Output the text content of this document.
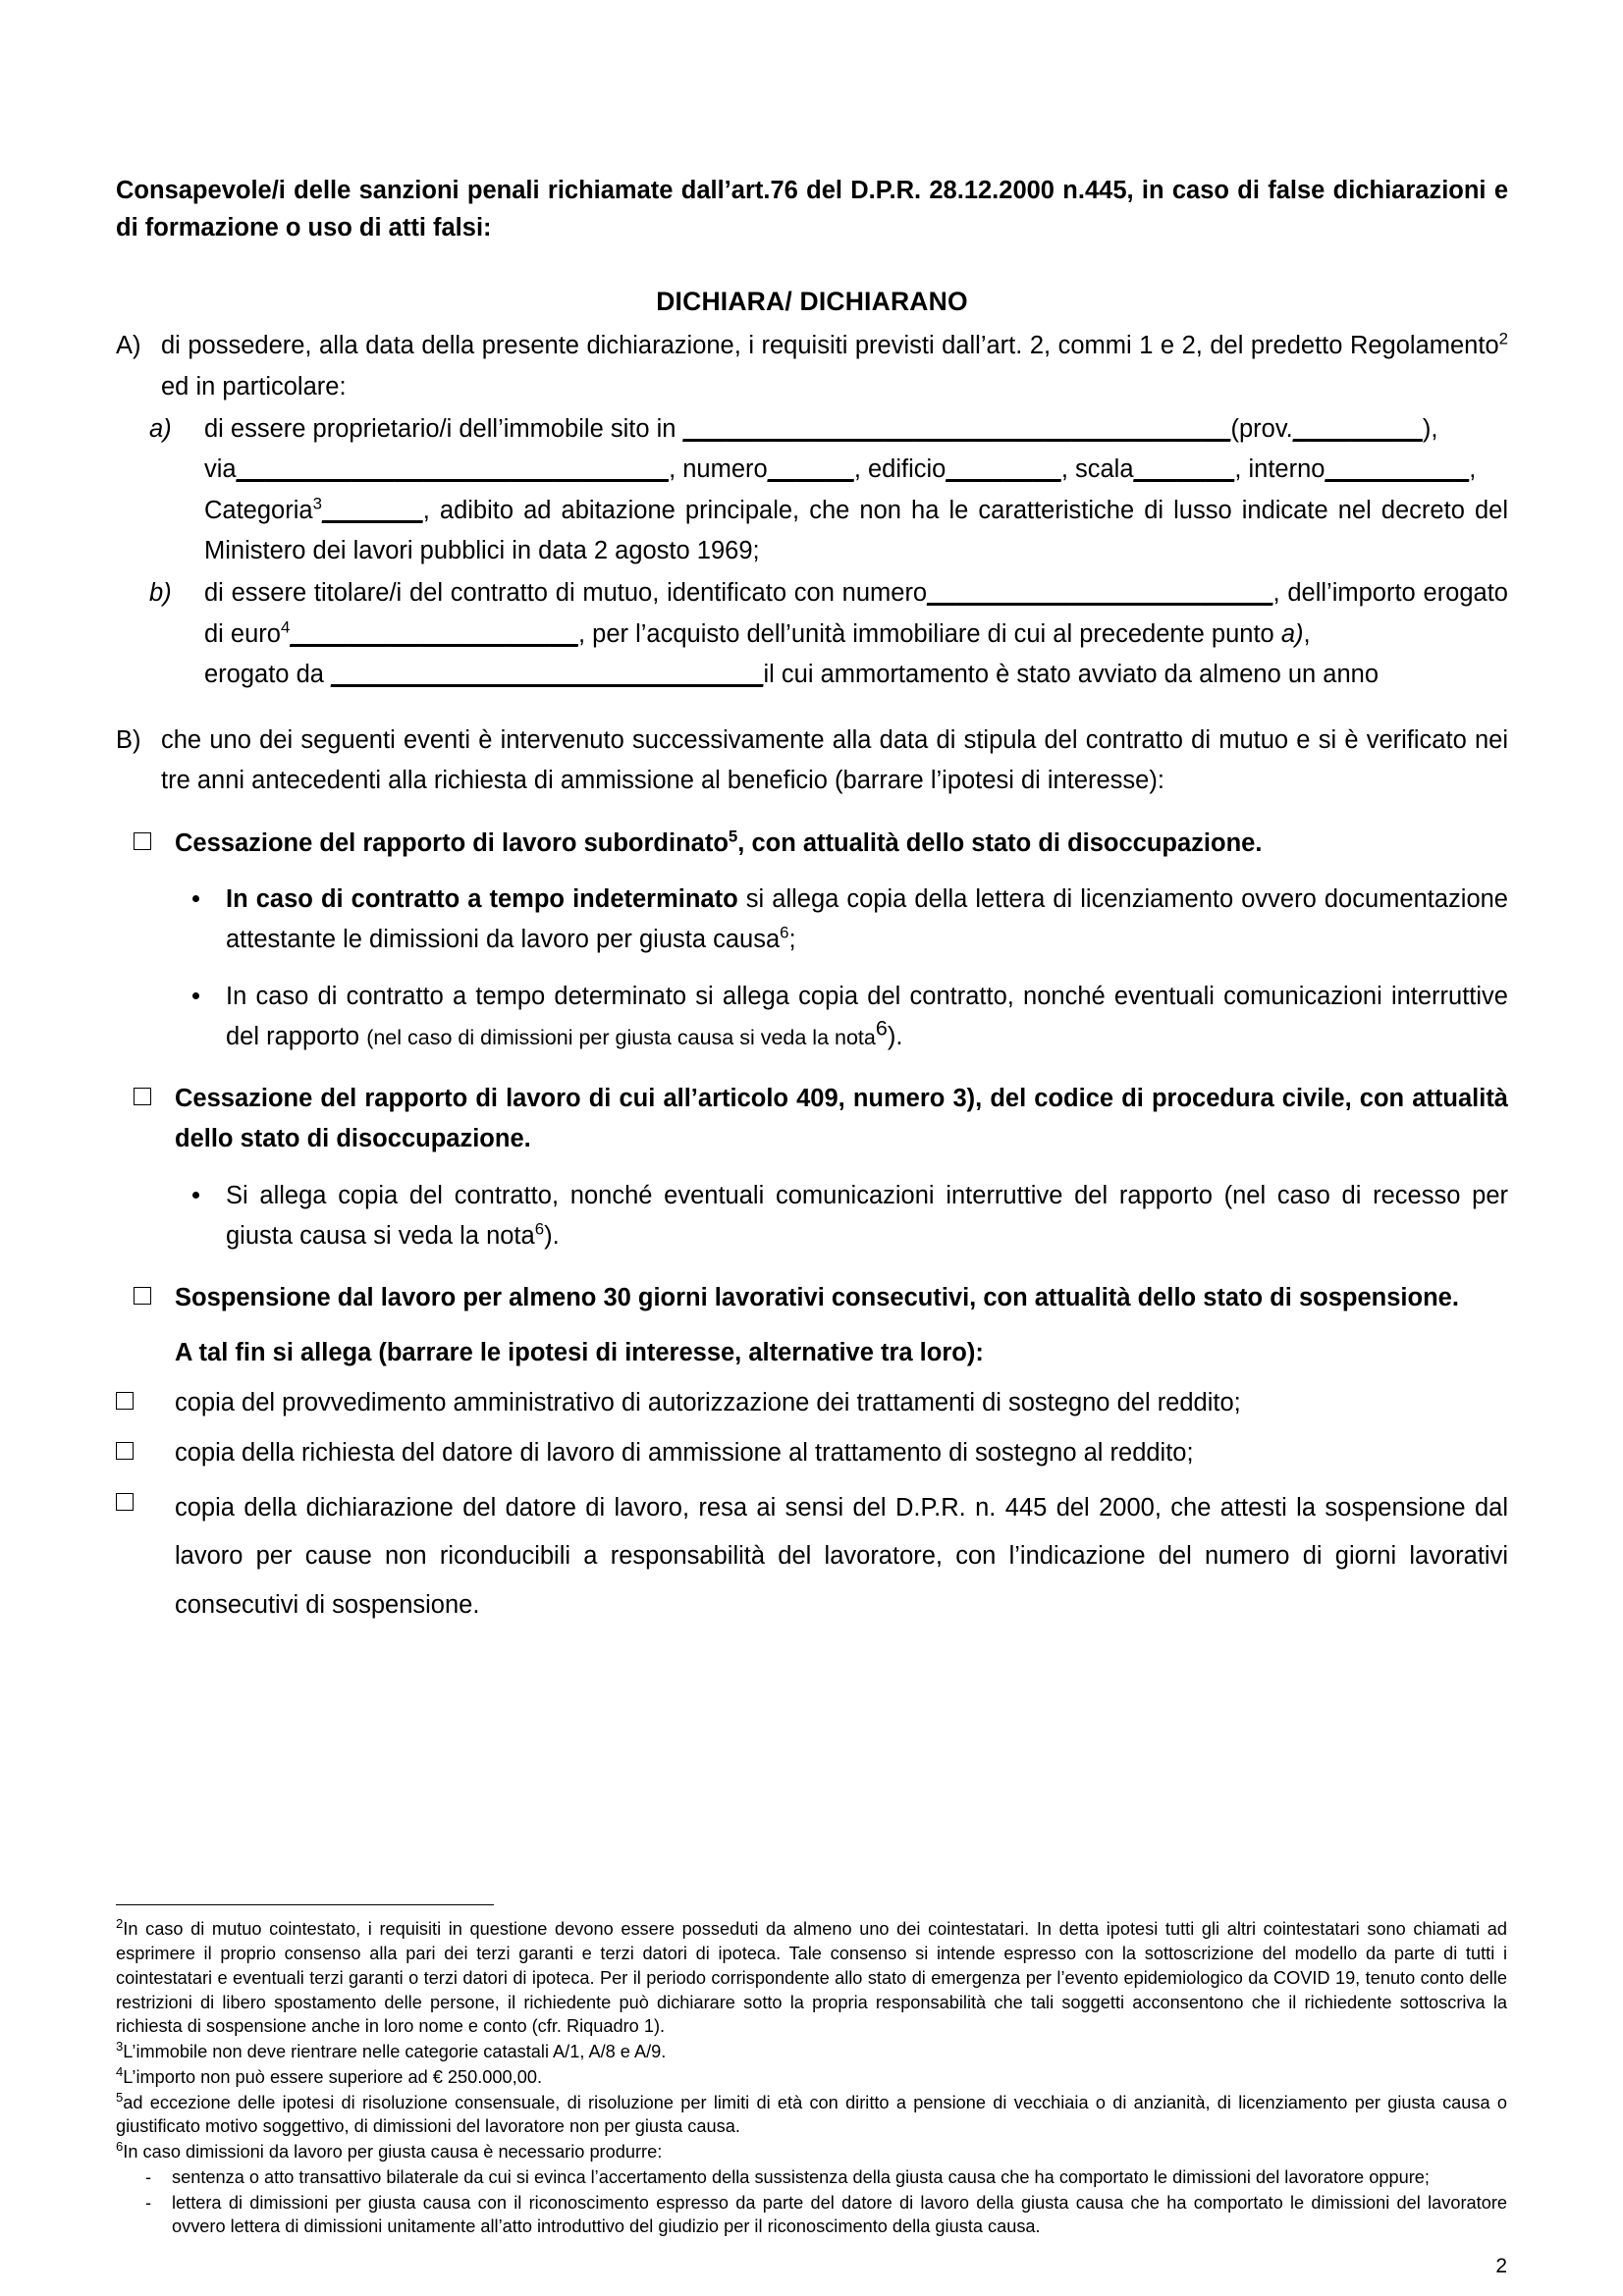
Consapevole/i delle sanzioni penali richiamate dall’art.76 del D.P.R. 28.12.2000 n.445, in caso di false dichiarazioni e di formazione o uso di atti falsi:

DICHIARA/ DICHIARANO

A) di possedere, alla data della presente dichiarazione, i requisiti previsti dall’art. 2, commi 1 e 2, del predetto Regolamento$^2$ ed in particolare:
a)	di essere proprietario/i dell’immobile sito in ______________________________________(prov._________),

via______________________________, numero______, edificio________, scala_______, interno__________,

Categoria$^3$_______, adibito ad abitazione principale, che non ha le caratteristiche di lusso indicate nel decreto del Ministero dei lavori pubblici in data 2 agosto 1969;

b)	di essere titolare/i del contratto di mutuo, identificato con numero________________________, dell’importo erogato di euro$^4$____________________, per l’acquisto dell’unità immobiliare di cui al precedente punto a),

erogato da ______________________________il cui ammortamento è stato avviato da almeno un anno

B) che uno dei seguenti eventi è intervenuto successivamente alla data di stipula del contratto di mutuo e si è verificato nei tre anni antecedenti alla richiesta di ammissione al beneficio (barrare l’ipotesi di interesse):
Cessazione del rapporto di lavoro subordinato$^5$, con attualità dello stato di disoccupazione.
In caso di contratto a tempo indeterminato si allega copia della lettera di licenziamento ovvero documentazione attestante le dimissioni da lavoro per giusta causa$^6$;
In caso di contratto a tempo determinato si allega copia del contratto, nonché eventuali comunicazioni interruttive del rapporto (nel caso di dimissioni per giusta causa si veda la nota$^6$).
Cessazione del rapporto di lavoro di cui all’articolo 409, numero 3), del codice di procedura civile, con attualità dello stato di disoccupazione.
Si allega copia del contratto, nonché eventuali comunicazioni interruttive del rapporto (nel caso di recesso per giusta causa si veda la nota$^6$).
Sospensione dal lavoro per almeno 30 giorni lavorativi consecutivi, con attualità dello stato di sospensione.
A tal fin si allega (barrare le ipotesi di interesse, alternative tra loro):
copia del provvedimento amministrativo di autorizzazione dei trattamenti di sostegno del reddito;
copia della richiesta del datore di lavoro di ammissione al trattamento di sostegno al reddito;
copia della dichiarazione del datore di lavoro, resa ai sensi del D.P.R. n. 445 del 2000, che attesti la sospensione dal lavoro per cause non riconducibili a responsabilità del lavoratore, con l’indicazione del numero di giorni lavorativi consecutivi di sospensione.

$^2$In caso di mutuo cointestato, i requisiti in questione devono essere posseduti da almeno uno dei cointestatari. In detta ipotesi tutti gli altri cointestatari sono chiamati ad esprimere il proprio consenso alla pari dei terzi garanti e terzi datori di ipoteca. Tale consenso si intende espresso con la sottoscrizione del modello da parte di tutti i cointestatari e eventuali terzi garanti o terzi datori di ipoteca. Per il periodo corrispondente allo stato di emergenza per l’evento epidemiologico da COVID 19, tenuto conto delle restrizioni di libero spostamento delle persone, il richiedente può dichiarare sotto la propria responsabilità che tali soggetti acconsentono che il richiedente sottoscriva la richiesta di sospensione anche in loro nome e conto (cfr. Riquadro 1).

$^3$L’immobile non deve rientrare nelle categorie catastali A/1, A/8 e A/9.

$^4$L’importo non può essere superiore ad € 250.000,00.

$^5$ad eccezione delle ipotesi di risoluzione consensuale, di risoluzione per limiti di età con diritto a pensione di vecchiaia o di anzianità, di licenziamento per giusta causa o giustificato motivo soggettivo, di dimissioni del lavoratore non per giusta causa.

$^6$In caso dimissioni da lavoro per giusta causa è necessario produrre:

-	sentenza o atto transattivo bilaterale da cui si evinca l’accertamento della sussistenza della giusta causa che ha comportato le dimissioni del lavoratore oppure;
-	lettera di dimissioni per giusta causa con il riconoscimento espresso da parte del datore di lavoro della giusta causa che ha comportato le dimissioni del lavoratore ovvero lettera di dimissioni unitamente all’atto introduttivo del giudizio per il riconoscimento della giusta causa.
2
